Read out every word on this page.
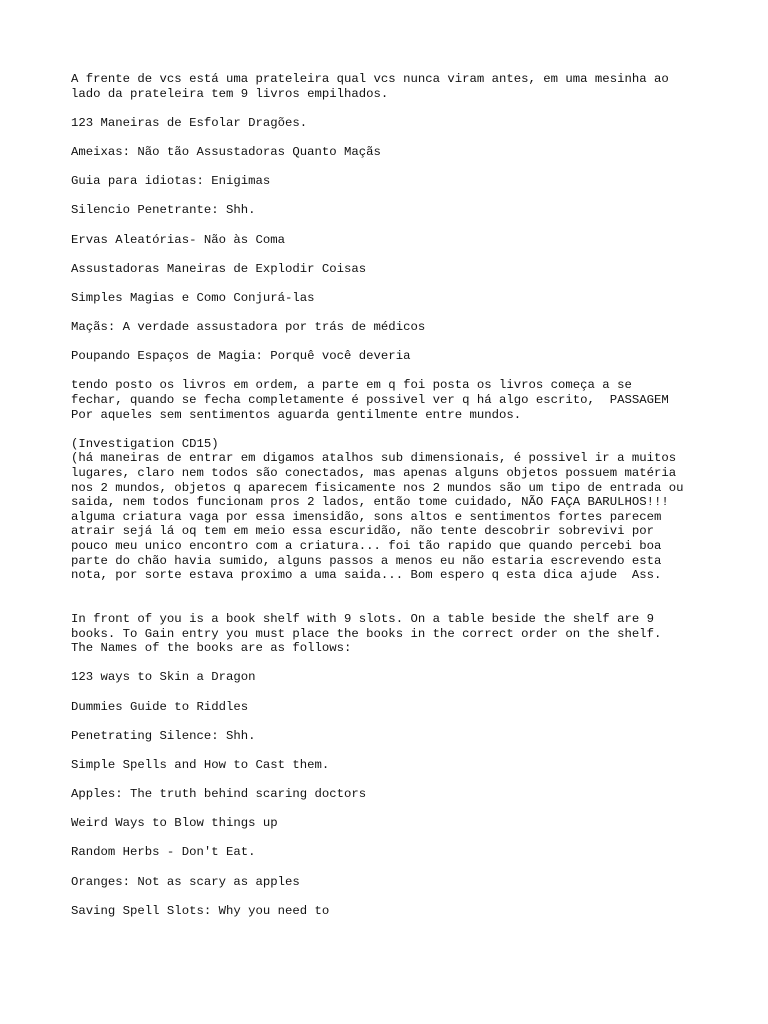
A frente de vcs está uma prateleira qual vcs nunca viram antes, em uma mesinha ao
lado da prateleira tem 9 livros empilhados.

123 Maneiras de Esfolar Dragões.

Ameixas: Não tão Assustadoras Quanto Maçãs

Guia para idiotas: Enigimas

Silencio Penetrante: Shh.

Ervas Aleatórias- Não às Coma

Assustadoras Maneiras de Explodir Coisas

Simples Magias e Como Conjurá-las

Maçãs: A verdade assustadora por trás de médicos

Poupando Espaços de Magia: Porquê você deveria

tendo posto os livros em ordem, a parte em q foi posta os livros começa a se
fechar, quando se fecha completamente é possivel ver q há algo escrito,  PASSAGEM
Por aqueles sem sentimentos aguarda gentilmente entre mundos.

(Investigation CD15)
(há maneiras de entrar em digamos atalhos sub dimensionais, é possivel ir a muitos
lugares, claro nem todos são conectados, mas apenas alguns objetos possuem matéria
nos 2 mundos, objetos q aparecem fisicamente nos 2 mundos são um tipo de entrada ou
saida, nem todos funcionam pros 2 lados, então tome cuidado, NÃO FAÇA BARULHOS!!!
alguma criatura vaga por essa imensidão, sons altos e sentimentos fortes parecem
atrair sejá lá oq tem em meio essa escuridão, não tente descobrir sobrevivi por
pouco meu unico encontro com a criatura... foi tão rapido que quando percebi boa
parte do chão havia sumido, alguns passos a menos eu não estaria escrevendo esta
nota, por sorte estava proximo a uma saida... Bom espero q esta dica ajude  Ass.

In front of you is a book shelf with 9 slots. On a table beside the shelf are 9
books. To Gain entry you must place the books in the correct order on the shelf.
The Names of the books are as follows:

123 ways to Skin a Dragon

Dummies Guide to Riddles

Penetrating Silence: Shh.

Simple Spells and How to Cast them.

Apples: The truth behind scaring doctors

Weird Ways to Blow things up

Random Herbs - Don't Eat.

Oranges: Not as scary as apples

Saving Spell Slots: Why you need to
